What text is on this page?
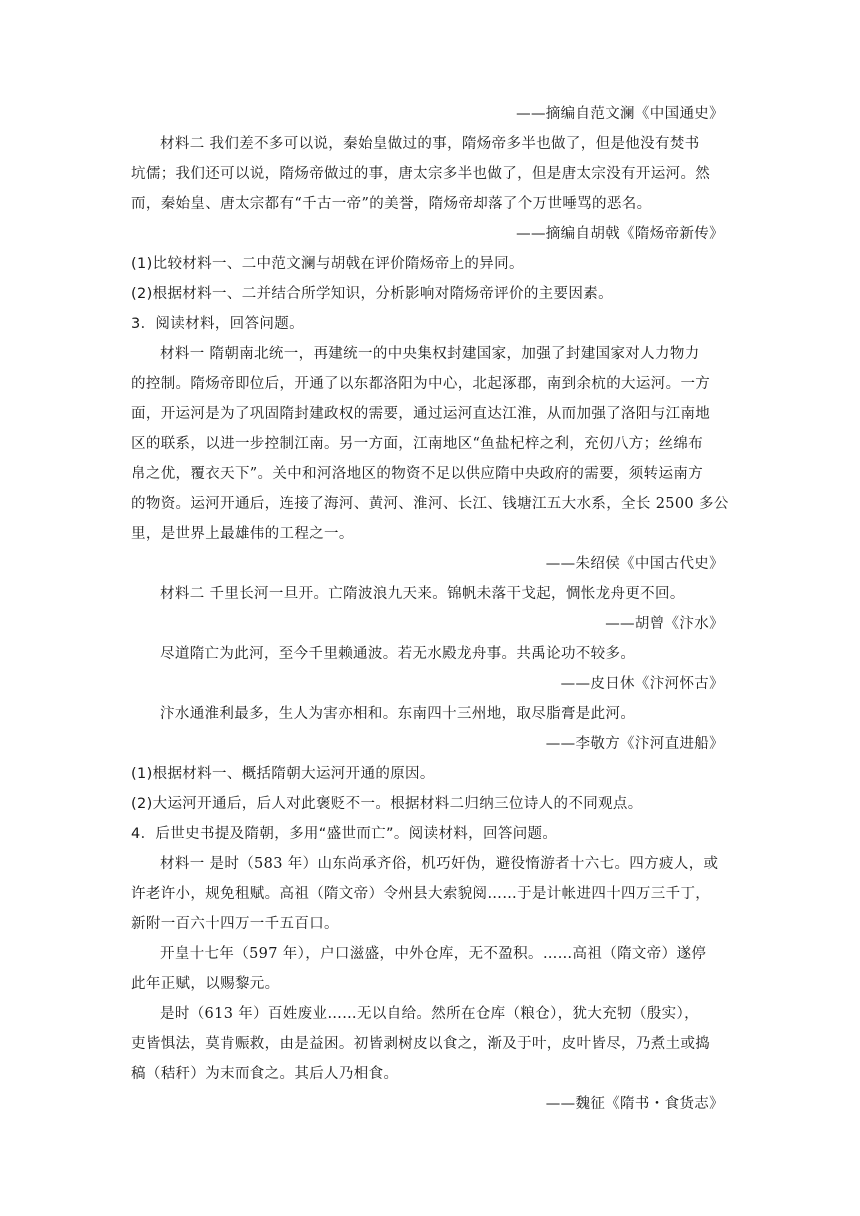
——摘编自范文澜《中国通史》
材料二 我们差不多可以说，秦始皇做过的事，隋炀帝多半也做了，但是他没有焚书
坑儒；我们还可以说，隋炀帝做过的事，唐太宗多半也做了，但是唐太宗没有开运河。然
而，秦始皇、唐太宗都有“千古一帝”的美誉，隋炀帝却落了个万世唾骂的恶名。
——摘编自胡戟《隋炀帝新传》
(1)比较材料一、二中范文澜与胡戟在评价隋炀帝上的异同。
(2)根据材料一、二并结合所学知识，分析影响对隋炀帝评价的主要因素。
3．阅读材料，回答问题。
材料一 隋朝南北统一，再建统一的中央集权封建国家，加强了封建国家对人力物力
的控制。隋炀帝即位后，开通了以东都洛阳为中心，北起涿郡，南到余杭的大运河。一方
面，开运河是为了巩固隋封建政权的需要，通过运河直达江淮，从而加强了洛阳与江南地
区的联系，以进一步控制江南。另一方面，江南地区“鱼盐杞梓之利，充仞八方；丝绵布
帛之优，覆衣天下”。关中和河洛地区的物资不足以供应隋中央政府的需要，须转运南方
的物资。运河开通后，连接了海河、黄河、淮河、长江、钱塘江五大水系，全长 2500 多公
里，是世界上最雄伟的工程之一。
——朱绍侯《中国古代史》
材料二 千里长河一旦开。亡隋波浪九天来。锦帆未落干戈起，惆怅龙舟更不回。
——胡曾《汴水》
尽道隋亡为此河，至今千里赖通波。若无水殿龙舟事。共禹论功不较多。
——皮日休《汴河怀古》
汴水通淮利最多，生人为害亦相和。东南四十三州地，取尽脂膏是此河。
——李敬方《汴河直进船》
(1)根据材料一、概括隋朝大运河开通的原因。
(2)大运河开通后，后人对此褒贬不一。根据材料二归纳三位诗人的不同观点。
4．后世史书提及隋朝，多用“盛世而亡”。阅读材料，回答问题。
材料一 是时（583 年）山东尚承齐俗，机巧奸伪，避役惰游者十六七。四方疲人，或
许老许小，规免租赋。高祖（隋文帝）令州县大索貌阅……于是计帐进四十四万三千丁，
新附一百六十四万一千五百口。
开皇十七年（597 年），户口滋盛，中外仓库，无不盈积。……高祖（隋文帝）遂停
此年正赋，以赐黎元。
是时（613 年）百姓废业……无以自给。然所在仓库（粮仓），犹大充牣（殷实），
吏皆惧法，莫肯赈救，由是益困。初皆剥树皮以食之，渐及于叶，皮叶皆尽，乃煮土或捣
稿（秸秆）为末而食之。其后人乃相食。
——魏征《隋书・食货志》
